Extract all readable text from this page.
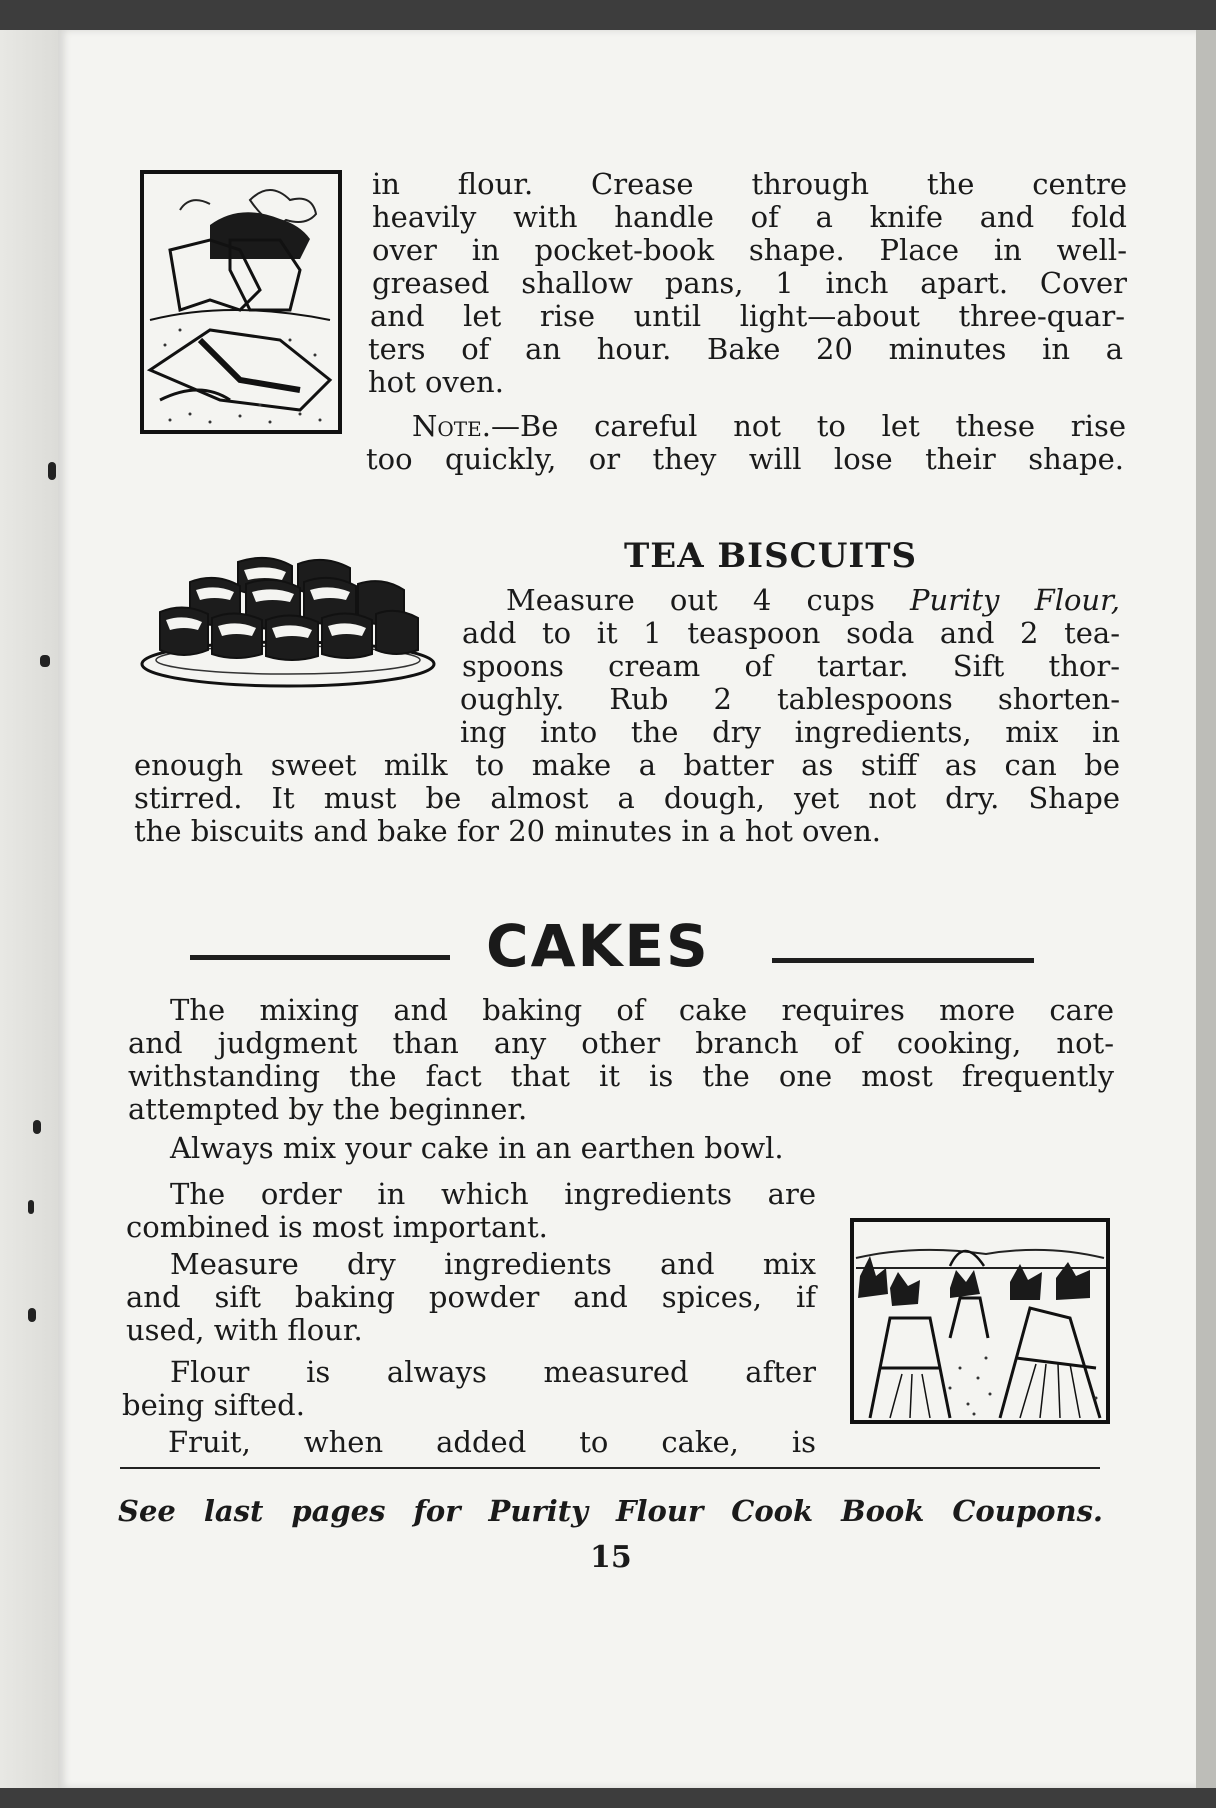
in flour. Crease through the centre
heavily with handle of a knife and fold
over in pocket-book shape. Place in well-
greased shallow pans, 1 inch apart. Cover
and let rise until light—about three-quar-
ters of an hour. Bake 20 minutes in a
hot oven.
Note.—Be careful not to let these rise
too quickly, or they will lose their shape.
TEA BISCUITS
Measure out 4 cups Purity Flour,
add to it 1 teaspoon soda and 2 tea-
spoons cream of tartar. Sift thor-
oughly. Rub 2 tablespoons shorten-
ing into the dry ingredients, mix in
enough sweet milk to make a batter as stiff as can be
stirred. It must be almost a dough, yet not dry. Shape
the biscuits and bake for 20 minutes in a hot oven.
CAKES
The mixing and baking of cake requires more care
and judgment than any other branch of cooking, not-
withstanding the fact that it is the one most frequently
attempted by the beginner.
Always mix your cake in an earthen bowl.
The order in which ingredients are
combined is most important.
Measure dry ingredients and mix
and sift baking powder and spices, if
used, with flour.
Flour is always measured after
being sifted.
Fruit, when added to cake, is
See last pages for Purity Flour Cook Book Coupons.
15
